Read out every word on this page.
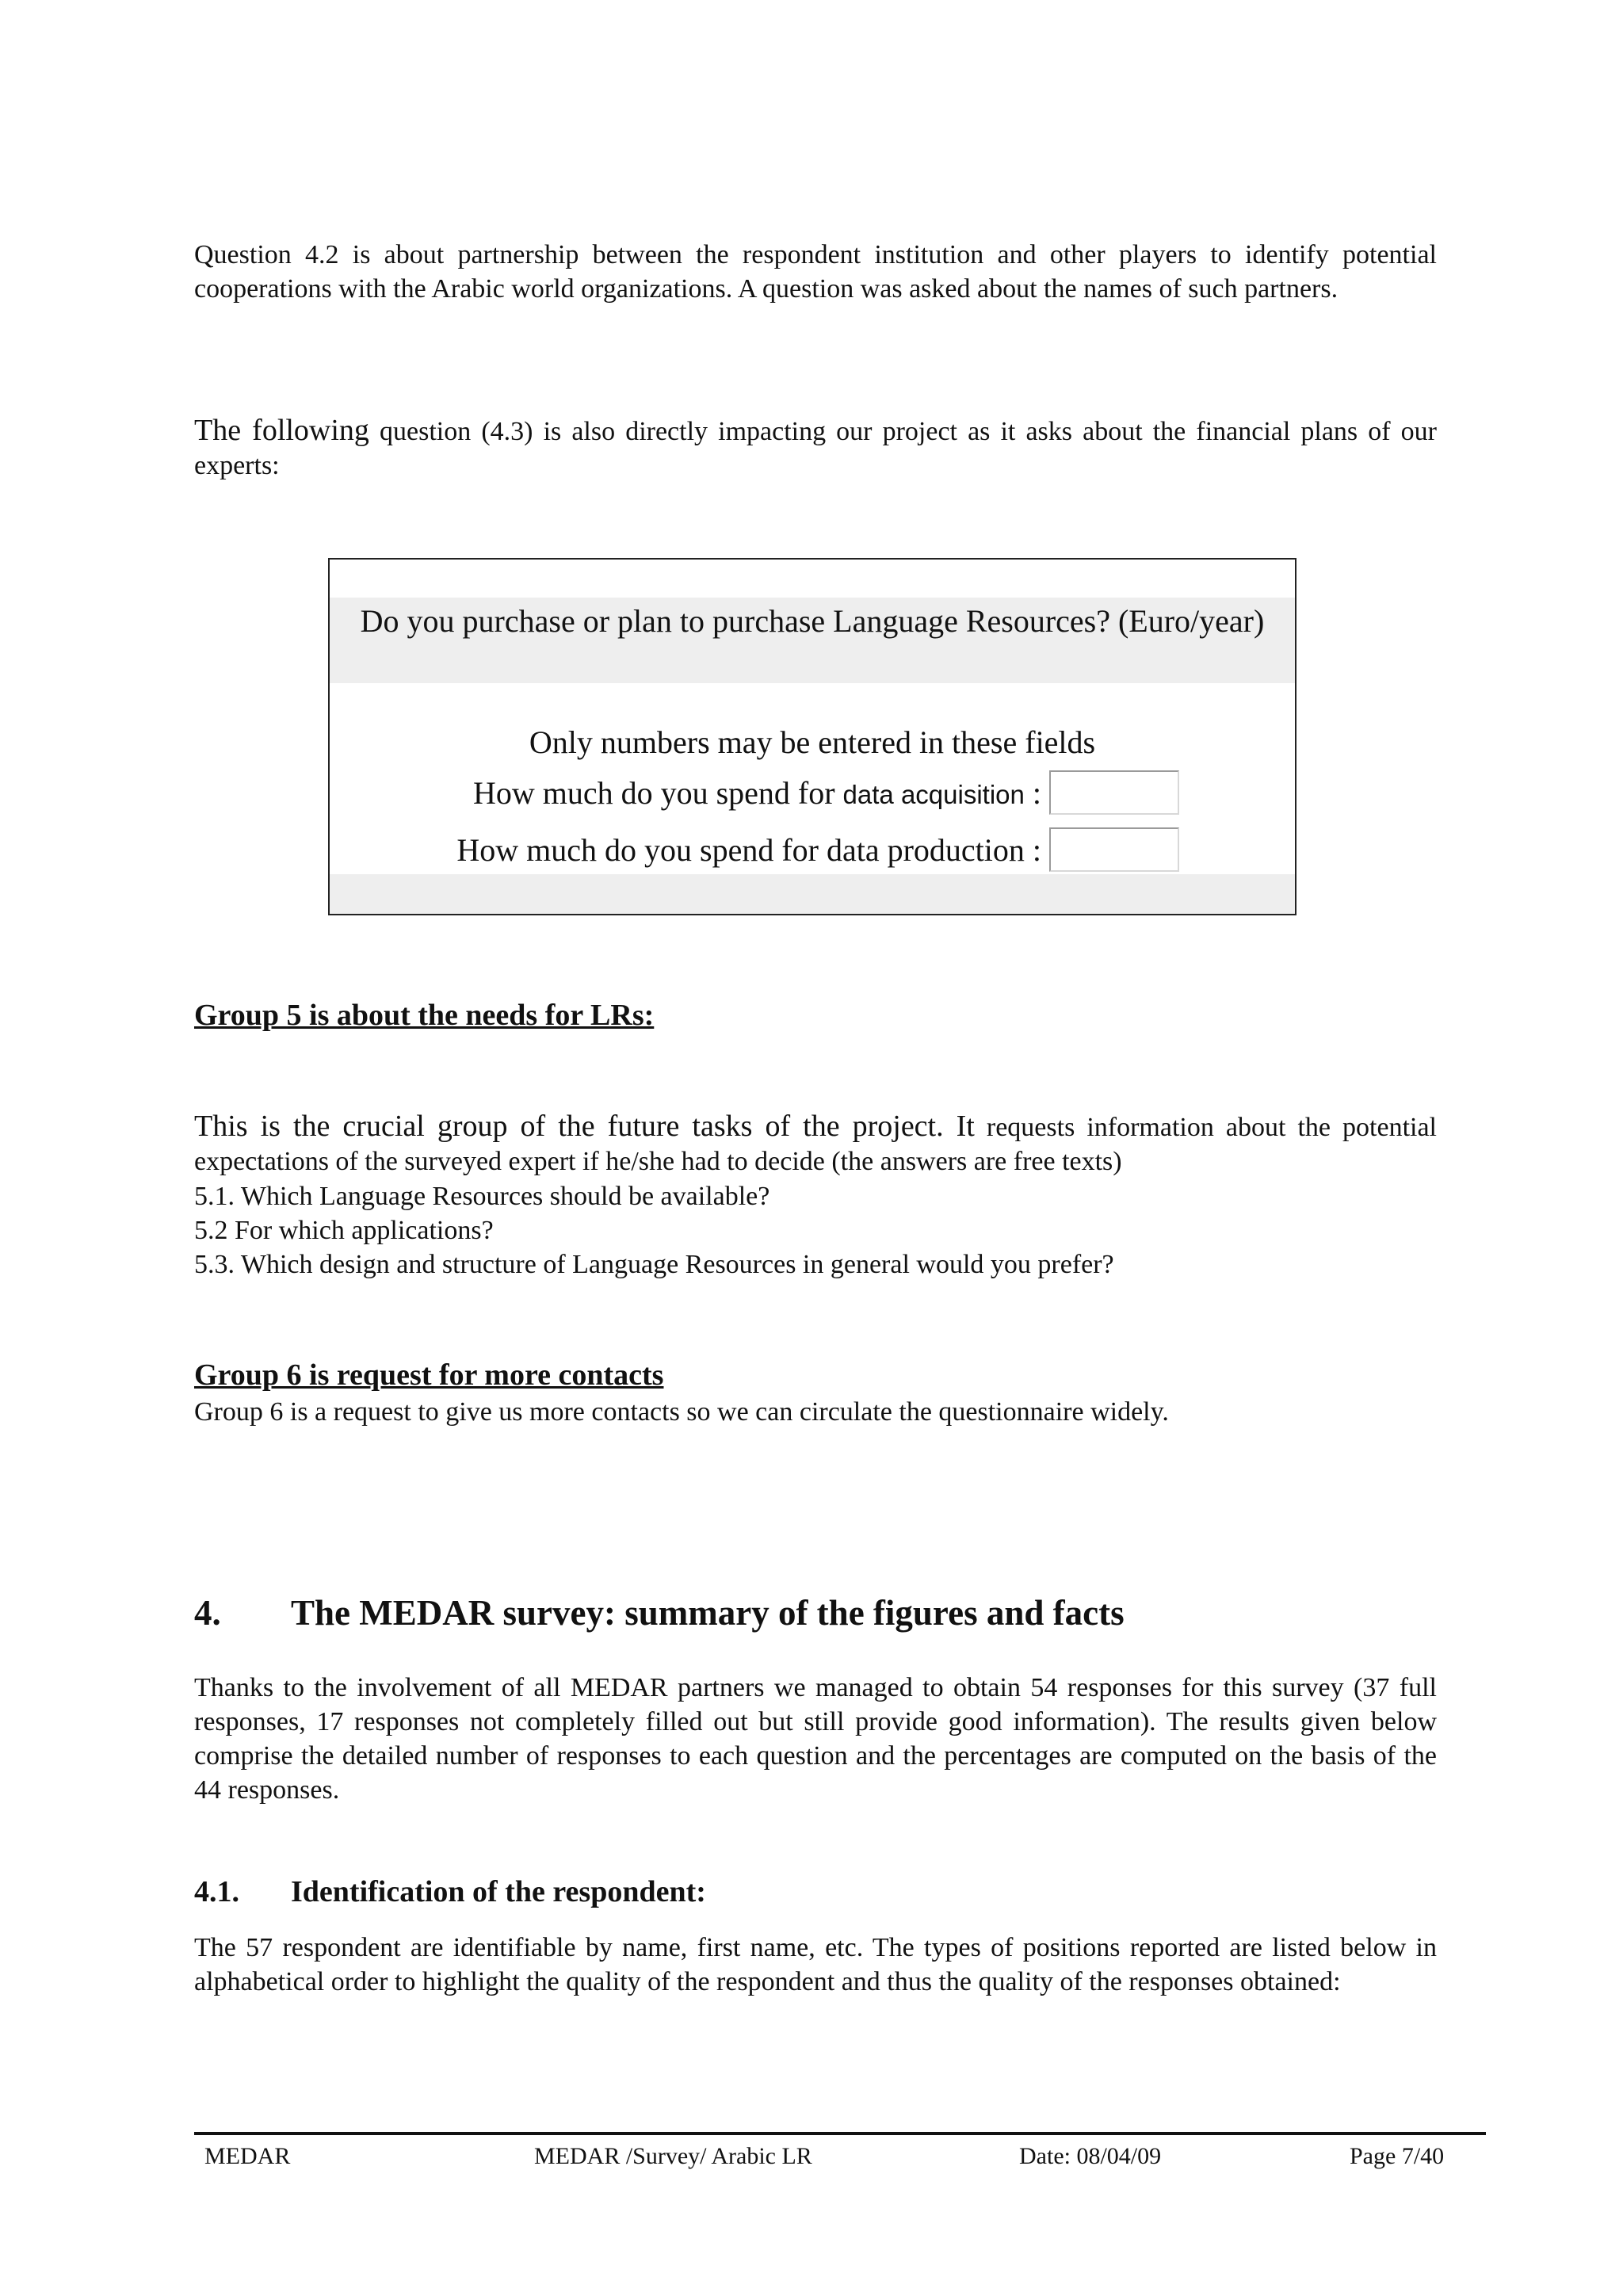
Question 4.2 is about partnership between the respondent institution and other players to identify potential cooperations with the Arabic world organizations. A question was asked about the names of such partners.

The following question (4.3) is also directly impacting our project as it asks about the financial plans of our experts:

Do you purchase or plan to purchase Language Resources? (Euro/year)
Only numbers may be entered in these fields
How much do you spend for data acquisition :
How much do you spend for data production :
Group 5 is about the needs for LRs:

This is the crucial group of the future tasks of the project. It requests information about the potential expectations of the surveyed expert if he/she had to decide (the answers are free texts)

5.1. Which Language Resources should be available?

5.2 For which applications?

5.3. Which design and structure of Language Resources in general would you prefer?

Group 6 is request for more contacts

Group 6 is a request to give us more contacts so we can circulate the questionnaire widely.

4. The MEDAR survey: summary of the figures and facts

Thanks to the involvement of all MEDAR partners we managed to obtain 54 responses for this survey (37 full responses, 17 responses not completely filled out but still provide good information). The results given below comprise the detailed number of responses to each question and the percentages are computed on the basis of the 44 responses.

4.1. Identification of the respondent:

The 57 respondent are identifiable by name, first name, etc. The types of positions reported are listed below in alphabetical order to highlight the quality of the respondent and thus the quality of the responses obtained:

MEDAR	MEDAR /Survey/ Arabic LR	Date: 08/04/09	Page 7/40
